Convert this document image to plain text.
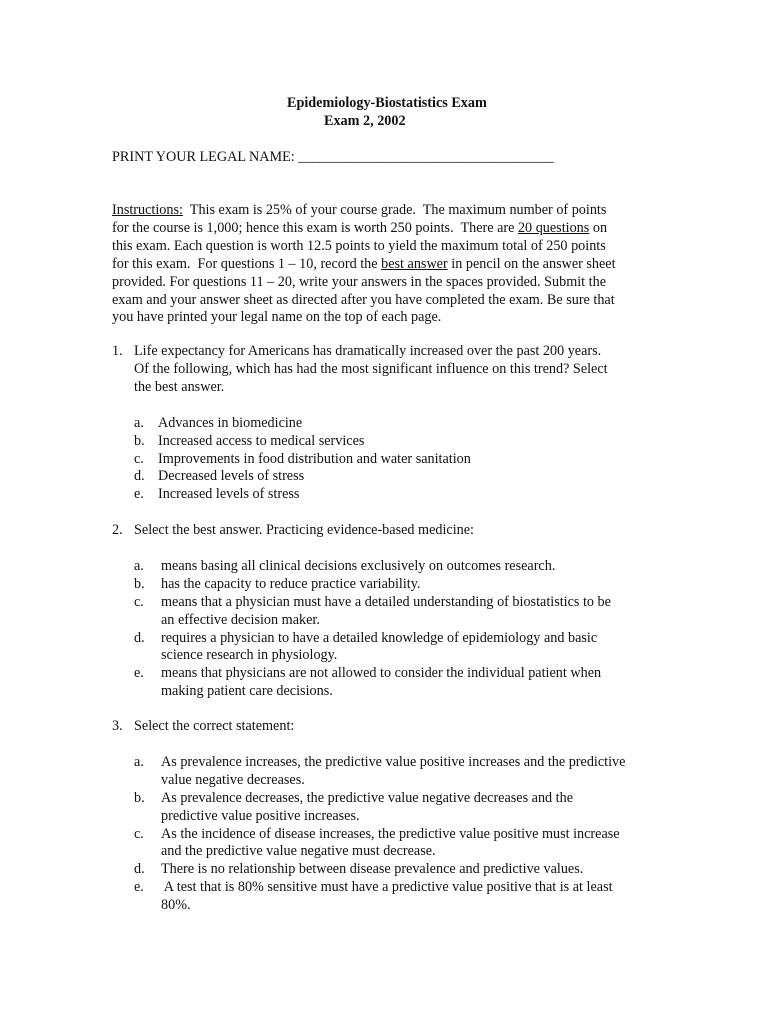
Epidemiology-Biostatistics Exam
Exam 2, 2002
PRINT YOUR LEGAL NAME: ____________________________________
Instructions:  This exam is 25% of your course grade.  The maximum number of points
for the course is 1,000; hence this exam is worth 250 points.  There are 20 questions on
this exam. Each question is worth 12.5 points to yield the maximum total of 250 points
for this exam.  For questions 1 – 10, record the best answer in pencil on the answer sheet
provided. For questions 11 – 20, write your answers in the spaces provided. Submit the
exam and your answer sheet as directed after you have completed the exam. Be sure that
you have printed your legal name on the top of each page.
1. Life expectancy for Americans has dramatically increased over the past 200 years.
Of the following, which has had the most significant influence on this trend? Select
the best answer.
a. Advances in biomedicine
b. Increased access to medical services
c. Improvements in food distribution and water sanitation
d. Decreased levels of stress
e. Increased levels of stress
2. Select the best answer. Practicing evidence-based medicine:
a. means basing all clinical decisions exclusively on outcomes research.
b. has the capacity to reduce practice variability.
c. means that a physician must have a detailed understanding of biostatistics to be
an effective decision maker.
d. requires a physician to have a detailed knowledge of epidemiology and basic
science research in physiology.
e. means that physicians are not allowed to consider the individual patient when
making patient care decisions.
3. Select the correct statement:
a. As prevalence increases, the predictive value positive increases and the predictive
value negative decreases.
b. As prevalence decreases, the predictive value negative decreases and the
predictive value positive increases.
c. As the incidence of disease increases, the predictive value positive must increase
and the predictive value negative must decrease.
d. There is no relationship between disease prevalence and predictive values.
e. A test that is 80% sensitive must have a predictive value positive that is at least
80%.
